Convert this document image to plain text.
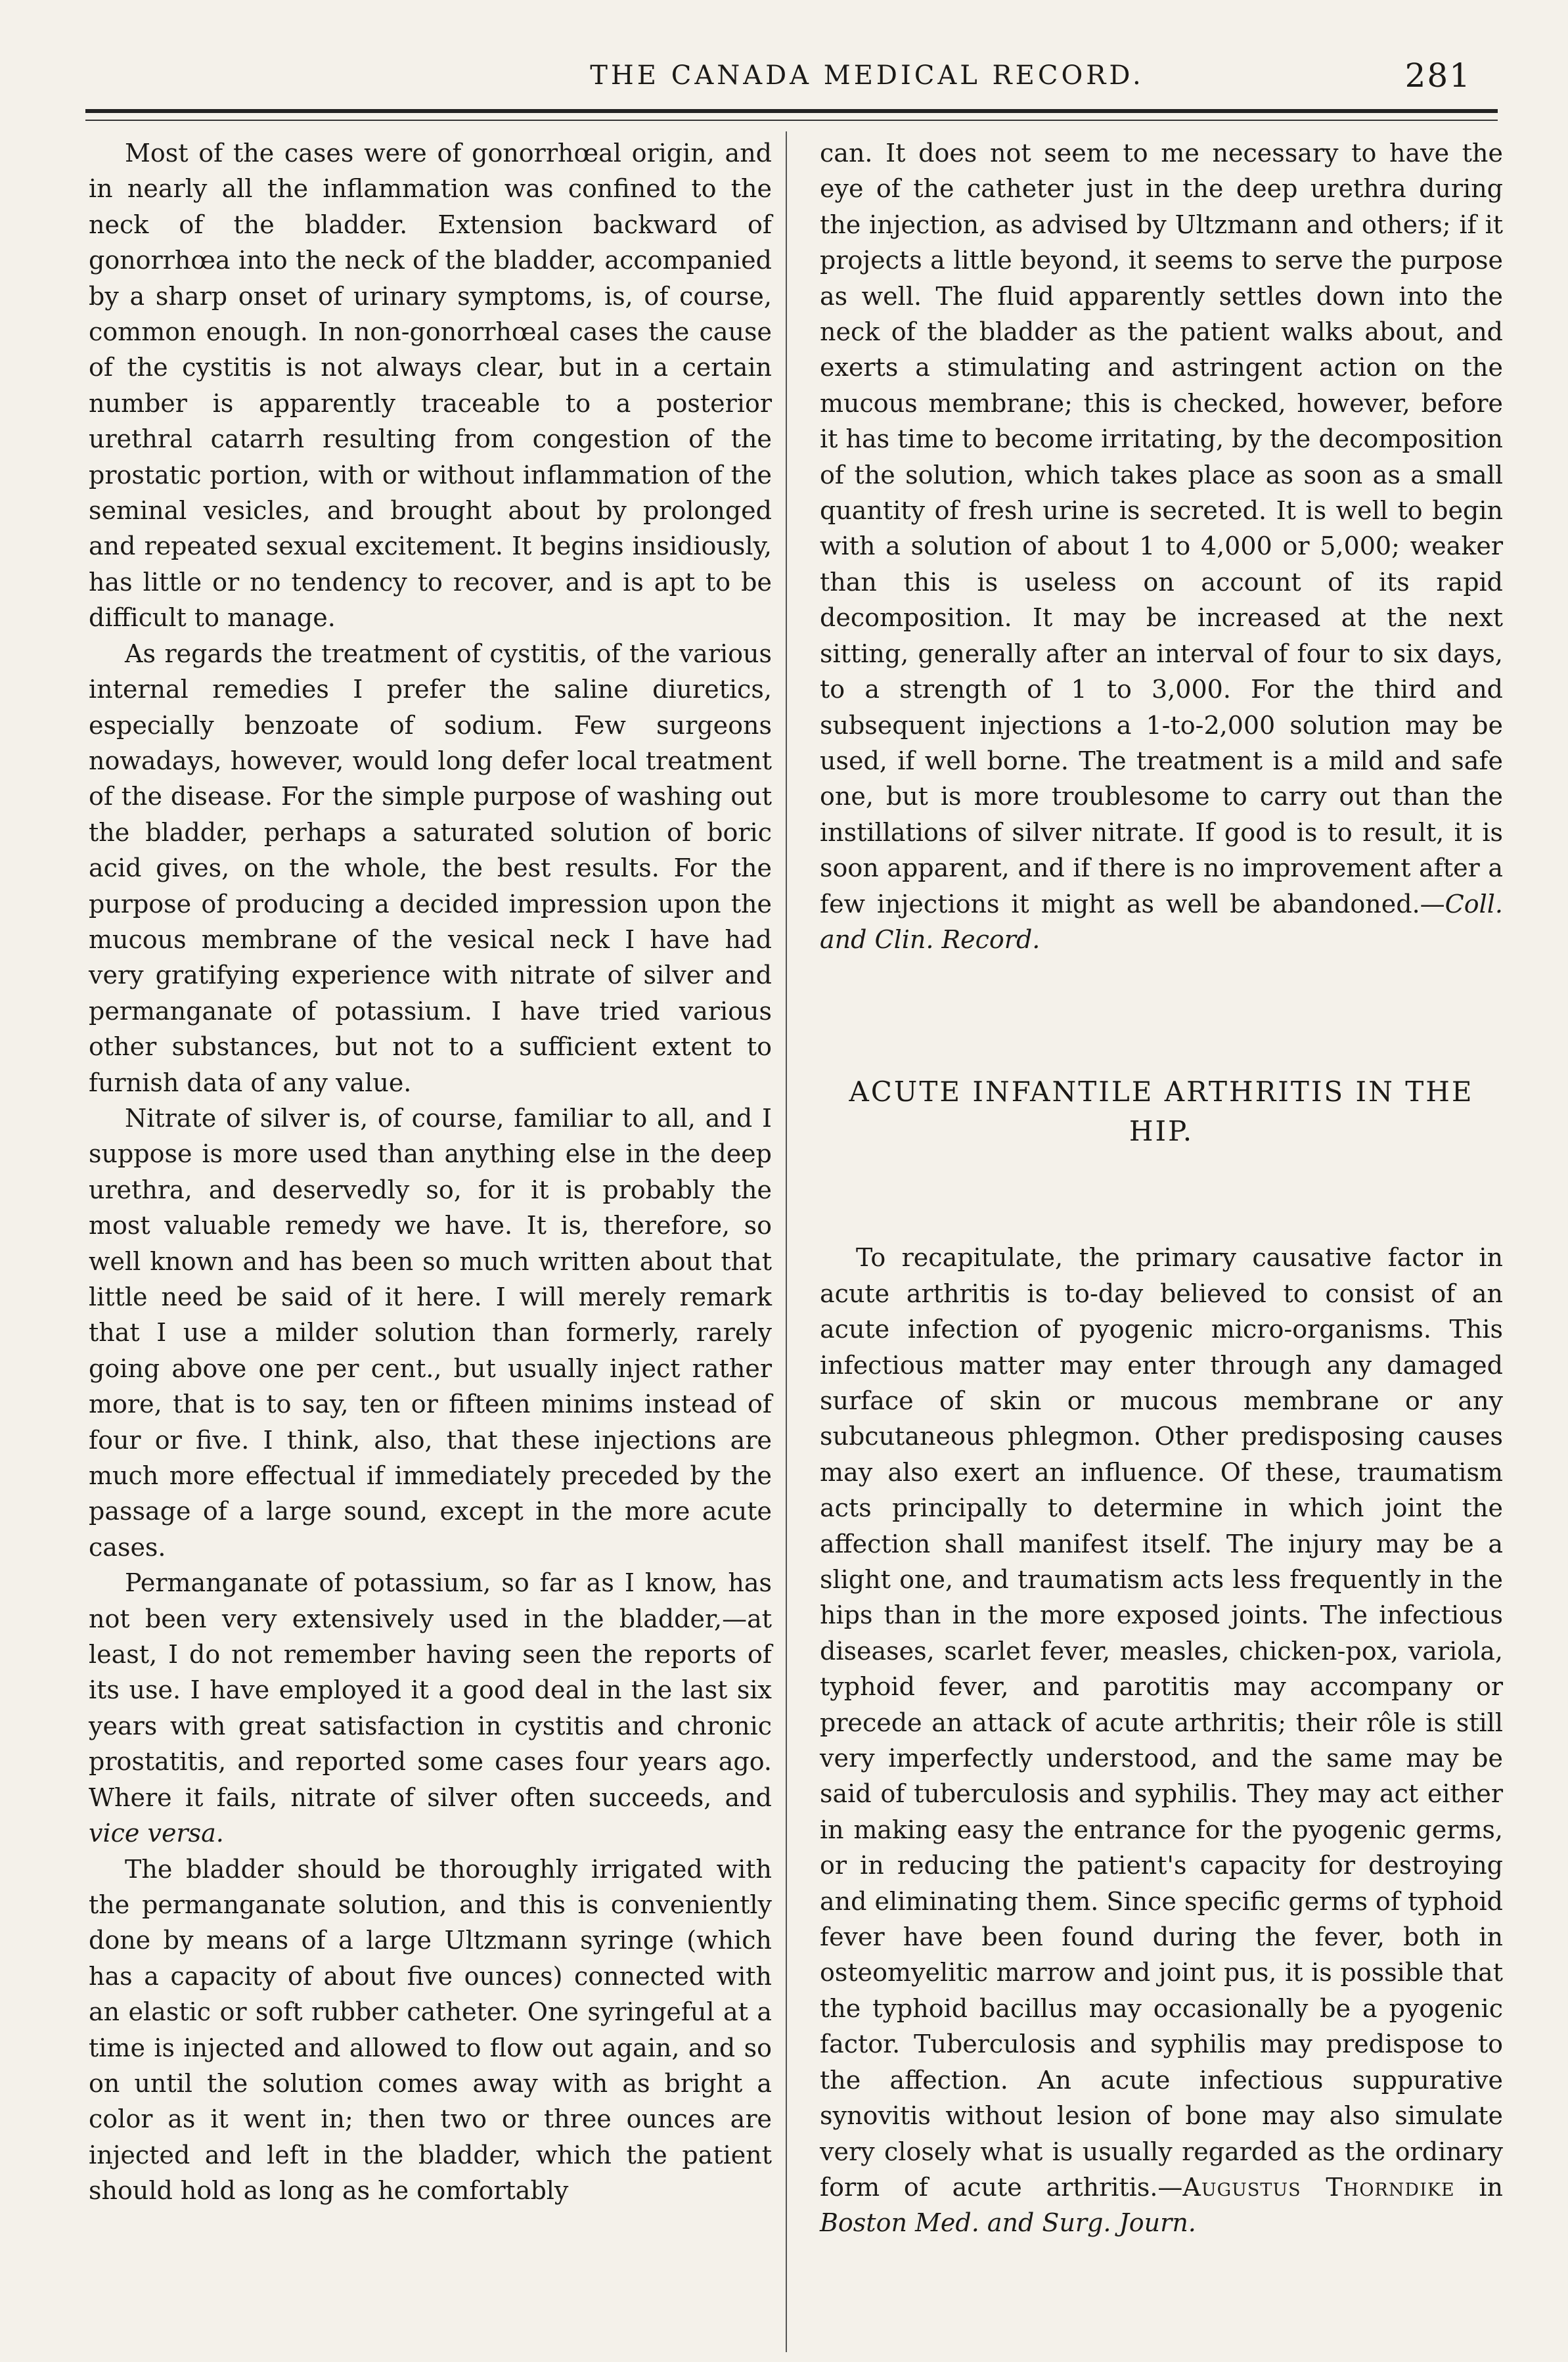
THE CANADA MEDICAL RECORD.	281

Most of the cases were of gonorrhœal origin, and in nearly all the inflammation was confined to the neck of the bladder. Extension backward of gonorrhœa into the neck of the bladder, accompanied by a sharp onset of urinary symptoms, is, of course, common enough. In non-gonorrhœal cases the cause of the cystitis is not always clear, but in a certain number is apparently traceable to a posterior urethral catarrh resulting from congestion of the prostatic portion, with or without inflammation of the seminal vesicles, and brought about by prolonged and repeated sexual excitement. It begins insidiously, has little or no tendency to recover, and is apt to be difficult to manage.

As regards the treatment of cystitis, of the various internal remedies I prefer the saline diuretics, especially benzoate of sodium. Few surgeons nowadays, however, would long defer local treatment of the disease. For the simple purpose of washing out the bladder, perhaps a saturated solution of boric acid gives, on the whole, the best results. For the purpose of producing a decided impression upon the mucous membrane of the vesical neck I have had very gratifying experience with nitrate of silver and permanganate of potassium. I have tried various other substances, but not to a sufficient extent to furnish data of any value.

Nitrate of silver is, of course, familiar to all, and I suppose is more used than anything else in the deep urethra, and deservedly so, for it is probably the most valuable remedy we have. It is, therefore, so well known and has been so much written about that little need be said of it here. I will merely remark that I use a milder solution than formerly, rarely going above one per cent., but usually inject rather more, that is to say, ten or fifteen minims instead of four or five. I think, also, that these injections are much more effectual if immediately preceded by the passage of a large sound, except in the more acute cases.

Permanganate of potassium, so far as I know, has not been very extensively used in the bladder,—at least, I do not remember having seen the reports of its use. I have employed it a good deal in the last six years with great satisfaction in cystitis and chronic prostatitis, and reported some cases four years ago. Where it fails, nitrate of silver often succeeds, and vice versa.

The bladder should be thoroughly irrigated with the permanganate solution, and this is conveniently done by means of a large Ultzmann syringe (which has a capacity of about five ounces) connected with an elastic or soft rubber catheter. One syringeful at a time is injected and allowed to flow out again, and so on until the solution comes away with as bright a color as it went in; then two or three ounces are injected and left in the bladder, which the patient should hold as long as he comfortably

can. It does not seem to me necessary to have the eye of the catheter just in the deep urethra during the injection, as advised by Ultzmann and others; if it projects a little beyond, it seems to serve the purpose as well. The fluid apparently settles down into the neck of the bladder as the patient walks about, and exerts a stimulating and astringent action on the mucous membrane; this is checked, however, before it has time to become irritating, by the decomposition of the solution, which takes place as soon as a small quantity of fresh urine is secreted. It is well to begin with a solution of about 1 to 4,000 or 5,000; weaker than this is useless on account of its rapid decomposition. It may be increased at the next sitting, generally after an interval of four to six days, to a strength of 1 to 3,000. For the third and subsequent injections a 1-to-2,000 solution may be used, if well borne. The treatment is a mild and safe one, but is more troublesome to carry out than the instillations of silver nitrate. If good is to result, it is soon apparent, and if there is no improvement after a few injections it might as well be abandoned.—Coll. and Clin. Record.

ACUTE INFANTILE ARTHRITIS IN THE HIP.

To recapitulate, the primary causative factor in acute arthritis is to-day believed to consist of an acute infection of pyogenic micro-organisms. This infectious matter may enter through any damaged surface of skin or mucous membrane or any subcutaneous phlegmon. Other predisposing causes may also exert an influence. Of these, traumatism acts principally to determine in which joint the affection shall manifest itself. The injury may be a slight one, and traumatism acts less frequently in the hips than in the more exposed joints. The infectious diseases, scarlet fever, measles, chicken-pox, variola, typhoid fever, and parotitis may accompany or precede an attack of acute arthritis; their rôle is still very imperfectly understood, and the same may be said of tuberculosis and syphilis. They may act either in making easy the entrance for the pyogenic germs, or in reducing the patient's capacity for destroying and eliminating them. Since specific germs of typhoid fever have been found during the fever, both in osteomyelitic marrow and joint pus, it is possible that the typhoid bacillus may occasionally be a pyogenic factor. Tuberculosis and syphilis may predispose to the affection. An acute infectious suppurative synovitis without lesion of bone may also simulate very closely what is usually regarded as the ordinary form of acute arthritis.—Augustus Thorndike in Boston Med. and Surg. Journ.
